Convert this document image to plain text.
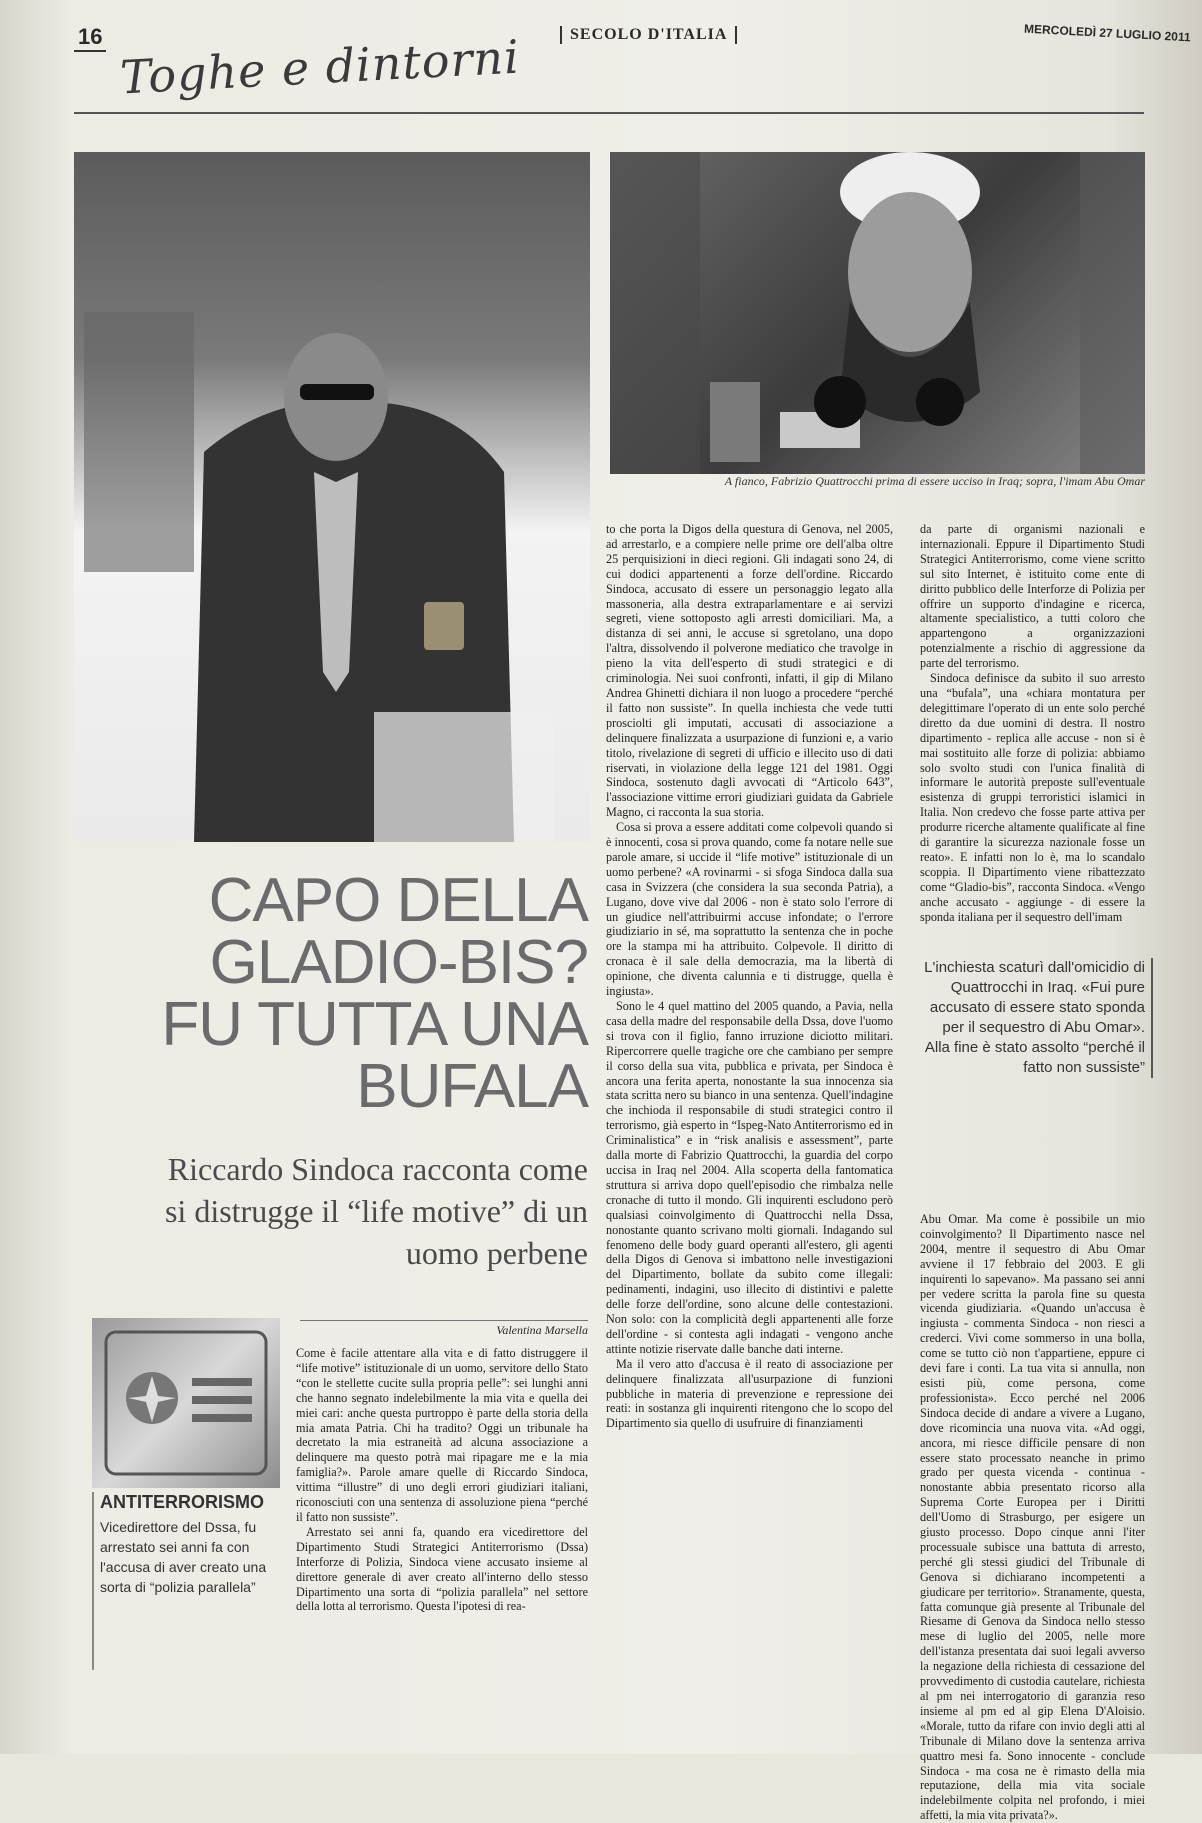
16 Toghe e dintorni	SECOLO D'ITALIA	MERCOLEDÌ 27 LUGLIO 2011
A fianco, Fabrizio Quattrocchi prima di essere ucciso in Iraq; sopra, l'imam Abu Omar
CAPO DELLA GLADIO-BIS? FU TUTTA UNA BUFALA
Riccardo Sindoca racconta come si distrugge il “life motive” di un uomo perbene
Valentina Marsella
ANTITERRORISMO
Vicedirettore del Dssa, fu arrestato sei anni fa con l'accusa di aver creato una sorta di “polizia parallela”

Come è facile attentare alla vita e di fatto distruggere il “life motive” istituzionale di un uomo, servitore dello Stato “con le stellette cucite sulla propria pelle”: sei lunghi anni che hanno segnato indelebilmente la mia vita e quella dei miei cari: anche questa purtroppo è parte della storia della mia amata Patria. Chi ha tradito? Oggi un tribunale ha decretato la mia estraneità ad alcuna associazione a delinquere ma questo potrà mai ripagare me e la mia famiglia?». Parole amare quelle di Riccardo Sindoca, vittima “illustre” di uno degli errori giudiziari italiani, riconosciuti con una sentenza di assoluzione piena “perché il fatto non sussiste”.

Arrestato sei anni fa, quando era vicedirettore del Dipartimento Studi Strategici Antiterrorismo (Dssa) Interforze di Polizia, Sindoca viene accusato insieme al direttore generale di aver creato all'interno dello stesso Dipartimento una sorta di “polizia parallela” nel settore della lotta al terrorismo. Questa l'ipotesi di rea-

to che porta la Digos della questura di Genova, nel 2005, ad arrestarlo, e a compiere nelle prime ore dell'alba oltre 25 perquisizioni in dieci regioni. Gli indagati sono 24, di cui dodici appartenenti a forze dell'ordine. Riccardo Sindoca, accusato di essere un personaggio legato alla massoneria, alla destra extraparlamentare e ai servizi segreti, viene sottoposto agli arresti domiciliari. Ma, a distanza di sei anni, le accuse si sgretolano, una dopo l'altra, dissolvendo il polverone mediatico che travolge in pieno la vita dell'esperto di studi strategici e di criminologia. Nei suoi confronti, infatti, il gip di Milano Andrea Ghinetti dichiara il non luogo a procedere “perché il fatto non sussiste”. In quella inchiesta che vede tutti prosciolti gli imputati, accusati di associazione a delinquere finalizzata a usurpazione di funzioni e, a vario titolo, rivelazione di segreti di ufficio e illecito uso di dati riservati, in violazione della legge 121 del 1981. Oggi Sindoca, sostenuto dagli avvocati di “Articolo 643”, l'associazione vittime errori giudiziari guidata da Gabriele Magno, ci racconta la sua storia.

Cosa si prova a essere additati come colpevoli quando si è innocenti, cosa si prova quando, come fa notare nelle sue parole amare, si uccide il “life motive” istituzionale di un uomo perbene? «A rovinarmi - si sfoga Sindoca dalla sua casa in Svizzera (che considera la sua seconda Patria), a Lugano, dove vive dal 2006 - non è stato solo l'errore di un giudice nell'attribuirmi accuse infondate; o l'errore giudiziario in sé, ma soprattutto la sentenza che in poche ore la stampa mi ha attribuito. Colpevole. Il diritto di cronaca è il sale della democrazia, ma la libertà di opinione, che diventa calunnia e ti distrugge, quella è ingiusta».

Sono le 4 quel mattino del 2005 quando, a Pavia, nella casa della madre del responsabile della Dssa, dove l'uomo si trova con il figlio, fanno irruzione diciotto militari. Ripercorrere quelle tragiche ore che cambiano per sempre il corso della sua vita, pubblica e privata, per Sindoca è ancora una ferita aperta, nonostante la sua innocenza sia stata scritta nero su bianco in una sentenza. Quell'indagine che inchioda il responsabile di studi strategici contro il terrorismo, già esperto in “Ispeg-Nato Antiterrorismo ed in Criminalistica” e in “risk analisis e assessment”, parte dalla morte di Fabrizio Quattrocchi, la guardia del corpo uccisa in Iraq nel 2004. Alla scoperta della fantomatica struttura si arriva dopo quell'episodio che rimbalza nelle cronache di tutto il mondo. Gli inquirenti escludono però qualsiasi coinvolgimento di Quattrocchi nella Dssa, nonostante quanto scrivano molti giornali. Indagando sul fenomeno delle body guard operanti all'estero, gli agenti della Digos di Genova si imbattono nelle investigazioni del Dipartimento, bollate da subito come illegali: pedinamenti, indagini, uso illecito di distintivi e palette delle forze dell'ordine, sono alcune delle contestazioni. Non solo: con la complicità degli appartenenti alle forze dell'ordine - si contesta agli indagati - vengono anche attinte notizie riservate dalle banche dati interne.

Ma il vero atto d'accusa è il reato di associazione per delinquere finalizzata all'usurpazione di funzioni pubbliche in materia di prevenzione e repressione dei reati: in sostanza gli inquirenti ritengono che lo scopo del Dipartimento sia quello di usufruire di finanziamenti

da parte di organismi nazionali e internazionali. Eppure il Dipartimento Studi Strategici Antiterrorismo, come viene scritto sul sito Internet, è istituito come ente di diritto pubblico delle Interforze di Polizia per offrire un supporto d'indagine e ricerca, altamente specialistico, a tutti coloro che appartengono a organizzazioni potenzialmente a rischio di aggressione da parte del terrorismo.

Sindoca definisce da subito il suo arresto una “bufala”, una «chiara montatura per delegittimare l'operato di un ente solo perché diretto da due uomini di destra. Il nostro dipartimento - replica alle accuse - non si è mai sostituito alle forze di polizia: abbiamo solo svolto studi con l'unica finalità di informare le autorità preposte sull'eventuale esistenza di gruppi terroristici islamici in Italia. Non credevo che fosse parte attiva per produrre ricerche altamente qualificate al fine di garantire la sicurezza nazionale fosse un reato». E infatti non lo è, ma lo scandalo scoppia. Il Dipartimento viene ribattezzato come “Gladio-bis”, racconta Sindoca. «Vengo anche accusato - aggiunge - di essere la sponda italiana per il sequestro dell'imam

L'inchiesta scaturì dall'omicidio di Quattrocchi in Iraq. «Fui pure accusato di essere stato sponda per il sequestro di Abu Omar». Alla fine è stato assolto “perché il fatto non sussiste”

Abu Omar. Ma come è possibile un mio coinvolgimento? Il Dipartimento nasce nel 2004, mentre il sequestro di Abu Omar avviene il 17 febbraio del 2003. E gli inquirenti lo sapevano». Ma passano sei anni per vedere scritta la parola fine su questa vicenda giudiziaria. «Quando un'accusa è ingiusta - commenta Sindoca - non riesci a crederci. Vivi come sommerso in una bolla, come se tutto ciò non t'appartiene, eppure ci devi fare i conti. La tua vita si annulla, non esisti più, come persona, come professionista». Ecco perché nel 2006 Sindoca decide di andare a vivere a Lugano, dove ricomincia una nuova vita. «Ad oggi, ancora, mi riesce difficile pensare di non essere stato processato neanche in primo grado per questa vicenda - continua - nonostante abbia presentato ricorso alla Suprema Corte Europea per i Diritti dell'Uomo di Strasburgo, per esigere un giusto processo. Dopo cinque anni l'iter processuale subisce una battuta di arresto, perché gli stessi giudici del Tribunale di Genova si dichiarano incompetenti a giudicare per territorio». Stranamente, questa, fatta comunque già presente al Tribunale del Riesame di Genova da Sindoca nello stesso mese di luglio del 2005, nelle more dell'istanza presentata dai suoi legali avverso la negazione della richiesta di cessazione del provvedimento di custodia cautelare, richiesta al pm nei interrogatorio di garanzia reso insieme al pm ed al gip Elena D'Aloisio. «Morale, tutto da rifare con invio degli atti al Tribunale di Milano dove la sentenza arriva quattro mesi fa. Sono innocente - conclude Sindoca - ma cosa ne è rimasto della mia reputazione, della mia vita sociale indelebilmente colpita nel profondo, i miei affetti, la mia vita privata?».
